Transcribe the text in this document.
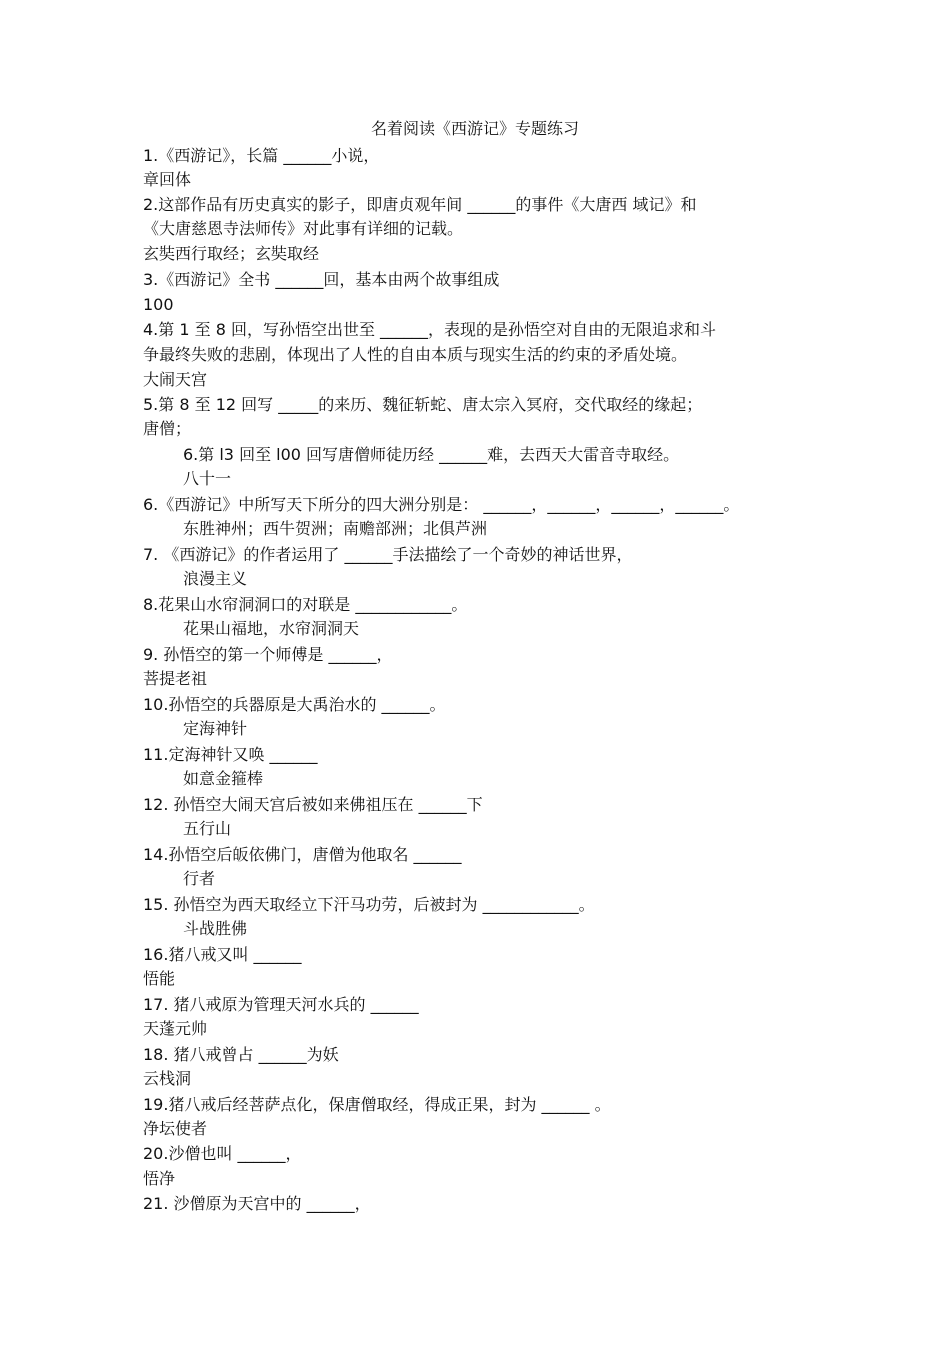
名着阅读《西游记》专题练习
1.《西游记》，长篇 ______小说，
章回体
2.这部作品有历史真实的影子，即唐贞观年间 ______的事件《大唐西 域记》和
《大唐慈恩寺法师传》对此事有详细的记载。
玄奘西行取经；玄奘取经
3.《西游记》全书 ______回，基本由两个故事组成
100
4.第 1 至 8 回，写孙悟空出世至 ______，表现的是孙悟空对自由的无限追求和斗
争最终失败的悲剧，体现出了人性的自由本质与现实生活的约束的矛盾处境。
大闹天宫
5.第 8 至 12 回写 _____的来历、魏征斩蛇、唐太宗入冥府，交代取经的缘起；
唐僧；
6.第 l3 回至 l00 回写唐僧师徒历经 ______难，去西天大雷音寺取经。
八十一
6.《西游记》中所写天下所分的四大洲分别是： ______，______，______，______。
东胜神州；西牛贺洲；南赡部洲；北俱芦洲
7. 《西游记》的作者运用了 ______手法描绘了一个奇妙的神话世界，
浪漫主义
8.花果山水帘洞洞口的对联是 ____________。
花果山福地，水帘洞洞天
9. 孙悟空的第一个师傅是 ______，
菩提老祖
10.孙悟空的兵器原是大禹治水的 ______。
定海神针
11.定海神针又唤 ______
如意金箍棒
12. 孙悟空大闹天宫后被如来佛祖压在 ______下
五行山
14.孙悟空后皈依佛门，唐僧为他取名 ______
行者
15. 孙悟空为西天取经立下汗马功劳，后被封为 ____________。
斗战胜佛
16.猪八戒又叫 ______
悟能
17. 猪八戒原为管理天河水兵的 ______
天蓬元帅
18. 猪八戒曾占 ______为妖
云栈洞
19.猪八戒后经菩萨点化，保唐僧取经，得成正果，封为 ______ 。
净坛使者
20.沙僧也叫 ______，
悟净
21. 沙僧原为天宫中的 ______，
